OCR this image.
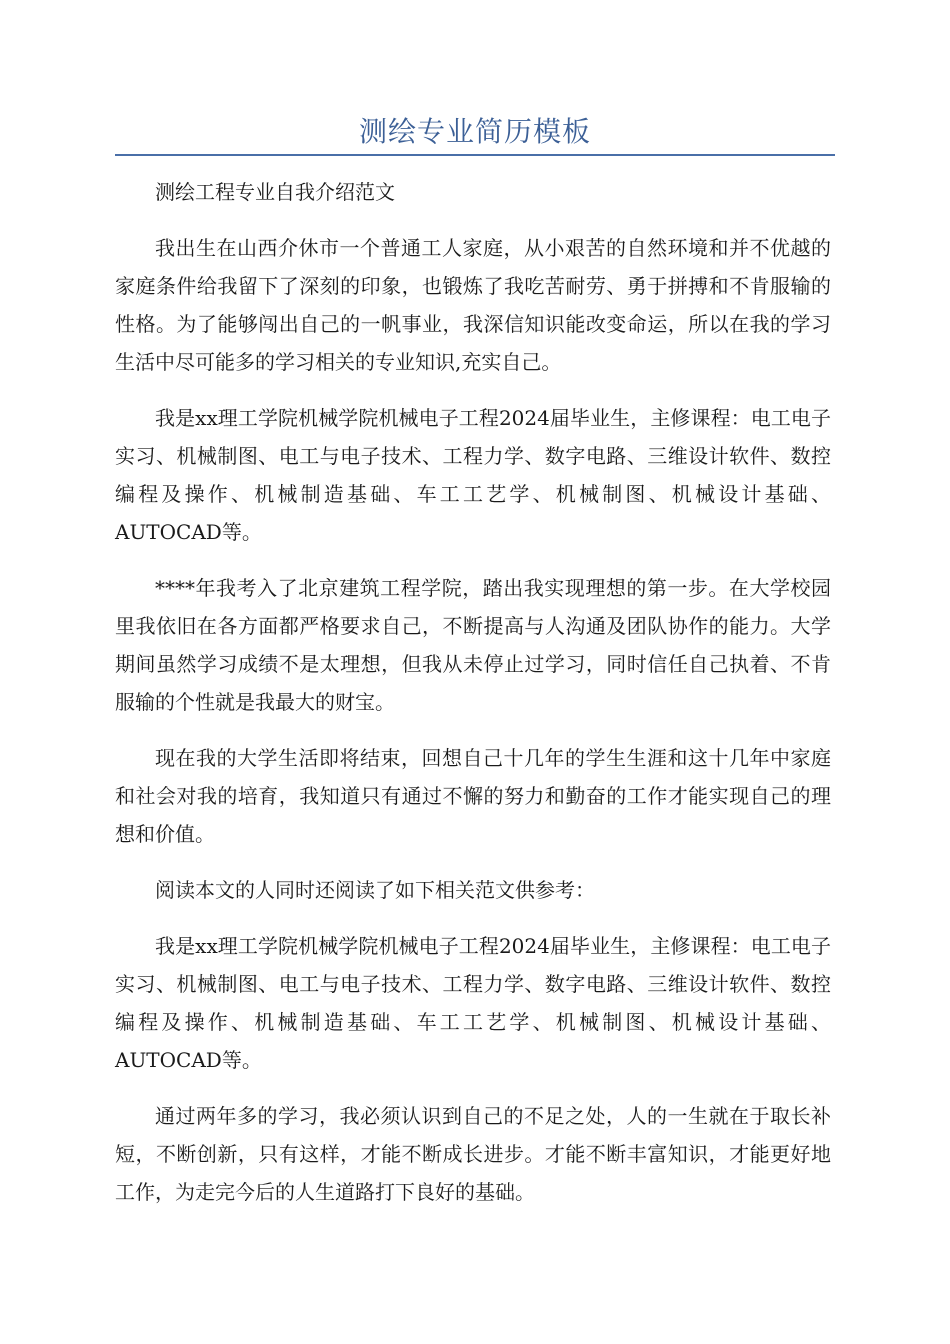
测绘专业简历模板

测绘工程专业自我介绍范文

我出生在山西介休市一个普通工人家庭，从小艰苦的自然环境和并不优越的家庭条件给我留下了深刻的印象，也锻炼了我吃苦耐劳、勇于拼搏和不肯服输的性格。为了能够闯出自己的一帆事业，我深信知识能改变命运，所以在我的学习生活中尽可能多的学习相关的专业知识,充实自己。

我是xx理工学院机械学院机械电子工程2024届毕业生，主修课程：电工电子实习、机械制图、电工与电子技术、工程力学、数字电路、三维设计软件、数控编程及操作、机械制造基础、车工工艺学、机械制图、机械设计基础、AUTOCAD等。

****年我考入了北京建筑工程学院，踏出我实现理想的第一步。在大学校园里我依旧在各方面都严格要求自己，不断提高与人沟通及团队协作的能力。大学期间虽然学习成绩不是太理想，但我从未停止过学习，同时信任自己执着、不肯服输的个性就是我最大的财宝。

现在我的大学生活即将结束，回想自己十几年的学生生涯和这十几年中家庭和社会对我的培育，我知道只有通过不懈的努力和勤奋的工作才能实现自己的理想和价值。

阅读本文的人同时还阅读了如下相关范文供参考：

我是xx理工学院机械学院机械电子工程2024届毕业生，主修课程：电工电子实习、机械制图、电工与电子技术、工程力学、数字电路、三维设计软件、数控编程及操作、机械制造基础、车工工艺学、机械制图、机械设计基础、AUTOCAD等。

通过两年多的学习，我必须认识到自己的不足之处，人的一生就在于取长补短，不断创新，只有这样，才能不断成长进步。才能不断丰富知识，才能更好地工作，为走完今后的人生道路打下良好的基础。
